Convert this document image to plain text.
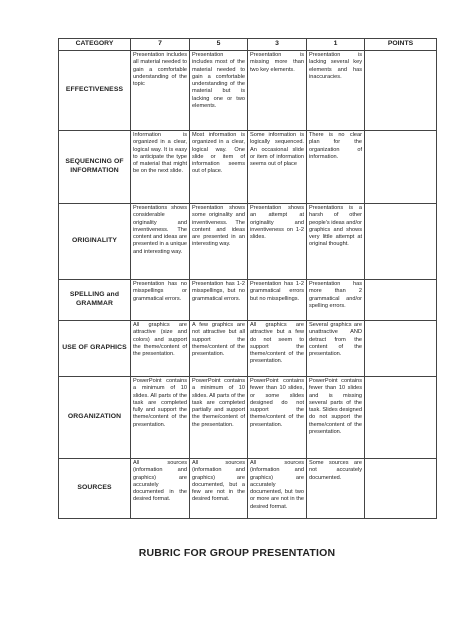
CATEGORY	7	5	3	1	POINTS
EFFECTIVENESS	Presentation includes all material needed to gain a comfortable understanding of the topic	Presentation includes most of the material needed to gain a comfortable understanding of the material but is lacking one or two elements.	Presentation is missing more than two key elements.	Presentation is lacking several key elements and has inaccuracies.	
SEQUENCING OF INFORMATION	Information is organized in a clear, logical way. It is easy to anticipate the type of material that might be on the next slide.	Most information is organized in a clear, logical way. One slide or item of information seems out of place.	Some information is logically sequenced. An occasional slide or item of information seems out of place	There is no clear plan for the organization of information.	
ORIGINALITY	Presentations shows considerable originality and inventiveness. The content and ideas are presented in a unique and interesting way.	Presentation shows some originality and inventiveness. The content and ideas are presented in an interesting way.	Presentation shows an attempt at originality and inventiveness on 1-2 slides.	Presentations is a harsh of other people's ideas and/or graphics and shows very little attempt at original thought.	
SPELLING and GRAMMAR	Presentation has no misspellings or grammatical errors.	Presentation has 1-2 misspellings, but no grammatical errors.	Presentation has 1-2 grammatical errors but no misspellings.	Presentation has more than 2 grammatical and/or spelling errors.	
USE OF GRAPHICS	All graphics are attractive (size and colors) and support the theme/content of the presentation.	A few graphics are not attractive but all support the theme/content of the presentation.	All graphics are attractive but a few do not seem to support the theme/content of the presentation.	Several graphics are unattractive AND detract from the content of the presentation.	
ORGANIZATION	PowerPoint contains a minimum of 10 slides. All parts of the task are completed fully and support the theme/content of the presentation.	PowerPoint contains a minimum of 10 slides. All parts of the task are completed partially and support the theme/content of the presentation.	PowerPoint contains fewer than 10 slides, or some slides designed do not support the theme/content of the presentation.	PowerPoint contains fewer than 10 slides and is missing several parts of the task. Slides designed do not support the theme/content of the presentation.	
SOURCES	All sources (information and graphics) are accurately documented in the desired format.	All sources (information and graphics) are documented, but a few are not in the desired format.	All sources (information and graphics) are accurately documented, but two or more are not in the desired format.	Some sources are not accurately documented.	
RUBRIC FOR GROUP PRESENTATION
